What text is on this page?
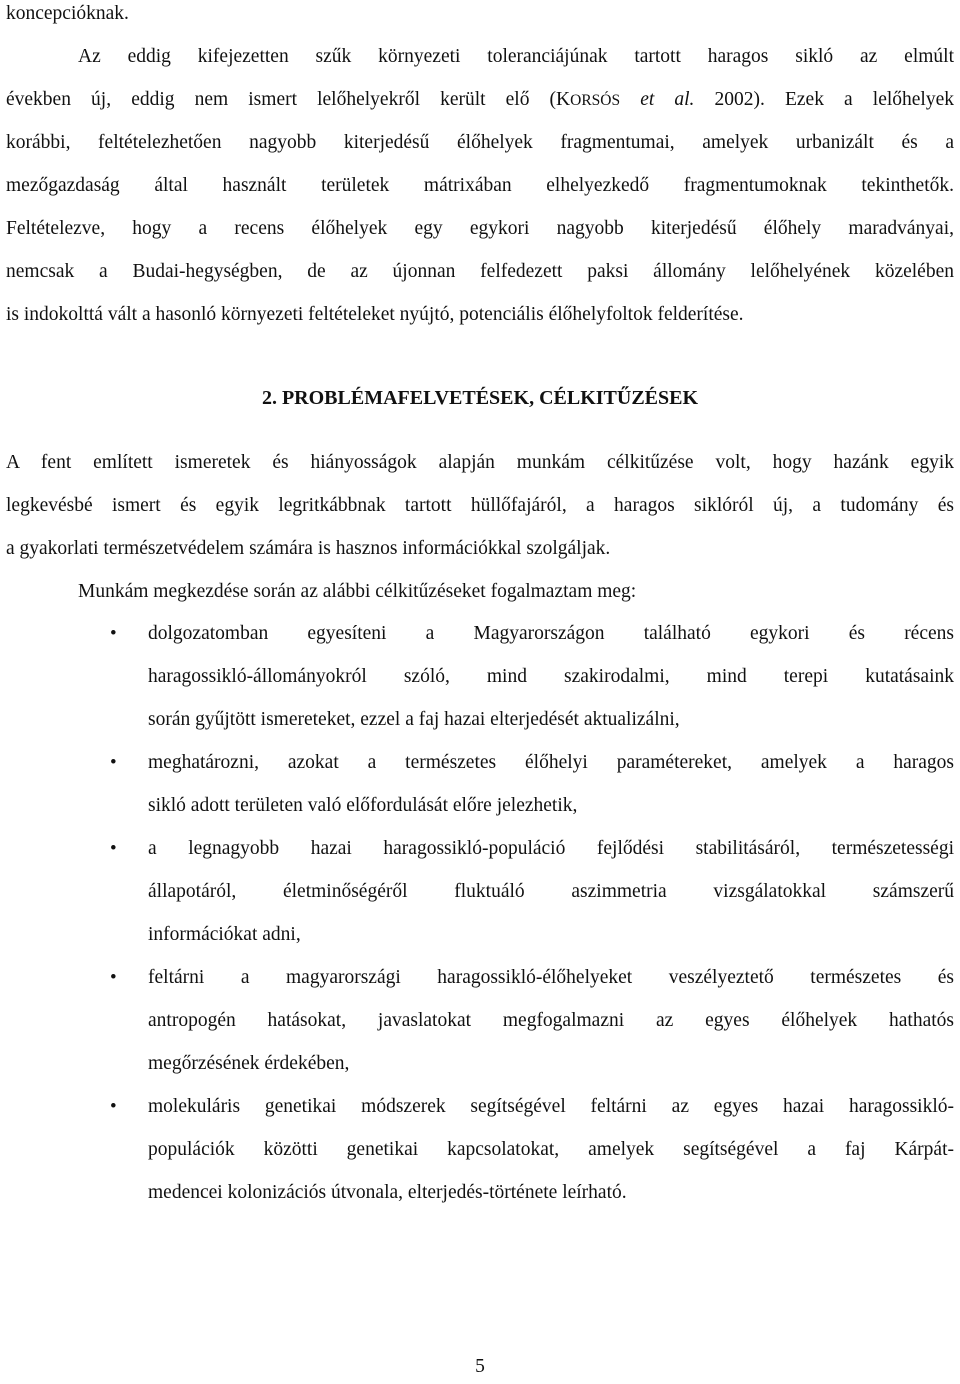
koncepcióknak.
Az eddig kifejezetten szűk környezeti toleranciájúnak tartott haragos sikló az elmúlt
években új, eddig nem ismert lelőhelyekről került elő (KORSÓS et al. 2002). Ezek a lelőhelyek
korábbi, feltételezhetően nagyobb kiterjedésű élőhelyek fragmentumai, amelyek urbanizált és a
mezőgazdaság által használt területek mátrixában elhelyezkedő fragmentumoknak tekinthetők.
Feltételezve, hogy a recens élőhelyek egy egykori nagyobb kiterjedésű élőhely maradványai,
nemcsak a Budai-hegységben, de az újonnan felfedezett paksi állomány lelőhelyének közelében
is indokolttá vált a hasonló környezeti feltételeket nyújtó, potenciális élőhelyfoltok felderítése.
2. PROBLÉMAFELVETÉSEK, CÉLKITŰZÉSEK
A fent említett ismeretek és hiányosságok alapján munkám célkitűzése volt, hogy hazánk egyik
legkevésbé ismert és egyik legritkábbnak tartott hüllőfajáról, a haragos siklóról új, a tudomány és
a gyakorlati természetvédelem számára is hasznos információkkal szolgáljak.
Munkám megkezdése során az alábbi célkitűzéseket fogalmaztam meg:
• dolgozatomban egyesíteni a Magyarországon található egykori és récens
haragossikló-állományokról szóló, mind szakirodalmi, mind terepi kutatásaink
során gyűjtött ismereteket, ezzel a faj hazai elterjedését aktualizálni,
• meghatározni, azokat a természetes élőhelyi paramétereket, amelyek a haragos
sikló adott területen való előfordulását előre jelezhetik,
• a legnagyobb hazai haragossikló-populáció fejlődési stabilitásáról, természetességi
állapotáról, életminőségéről fluktuáló aszimmetria vizsgálatokkal számszerű
információkat adni,
• feltárni a magyarországi haragossikló-élőhelyeket veszélyeztető természetes és
antropogén hatásokat, javaslatokat megfogalmazni az egyes élőhelyek hathatós
megőrzésének érdekében,
• molekuláris genetikai módszerek segítségével feltárni az egyes hazai haragossikló-
populációk közötti genetikai kapcsolatokat, amelyek segítségével a faj Kárpát-
medencei kolonizációs útvonala, elterjedés-története leírható.
5
